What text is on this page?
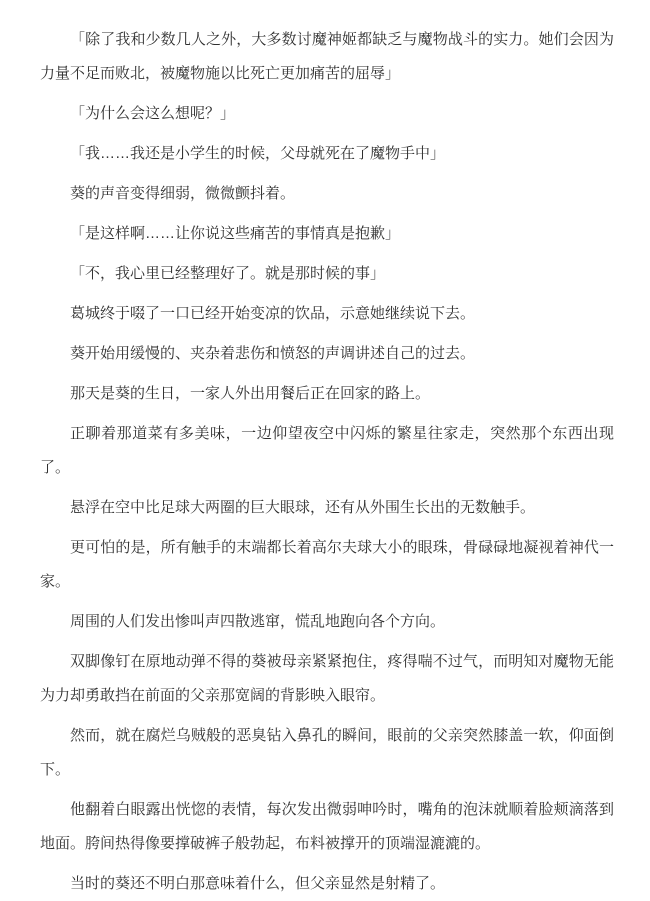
「除了我和少数几人之外，大多数讨魔神姬都缺乏与魔物战斗的实力。她们会因为力量不足而败北，被魔物施以比死亡更加痛苦的屈辱」

「为什么会这么想呢？」

「我……我还是小学生的时候，父母就死在了魔物手中」

葵的声音变得细弱，微微颤抖着。

「是这样啊……让你说这些痛苦的事情真是抱歉」

「不，我心里已经整理好了。就是那时候的事」

葛城终于啜了一口已经开始变凉的饮品，示意她继续说下去。

葵开始用缓慢的、夹杂着悲伤和愤怒的声调讲述自己的过去。

那天是葵的生日，一家人外出用餐后正在回家的路上。

正聊着那道菜有多美味，一边仰望夜空中闪烁的繁星往家走，突然那个东西出现了。

悬浮在空中比足球大两圈的巨大眼球，还有从外围生长出的无数触手。

更可怕的是，所有触手的末端都长着高尔夫球大小的眼珠，骨碌碌地凝视着神代一家。

周围的人们发出惨叫声四散逃窜，慌乱地跑向各个方向。

双脚像钉在原地动弹不得的葵被母亲紧紧抱住，疼得喘不过气，而明知对魔物无能为力却勇敢挡在前面的父亲那宽阔的背影映入眼帘。

然而，就在腐烂乌贼般的恶臭钻入鼻孔的瞬间，眼前的父亲突然膝盖一软，仰面倒下。

他翻着白眼露出恍惚的表情，每次发出微弱呻吟时，嘴角的泡沫就顺着脸颊滴落到地面。胯间热得像要撑破裤子般勃起，布料被撑开的顶端湿漉漉的。

当时的葵还不明白那意味着什么，但父亲显然是射精了。
